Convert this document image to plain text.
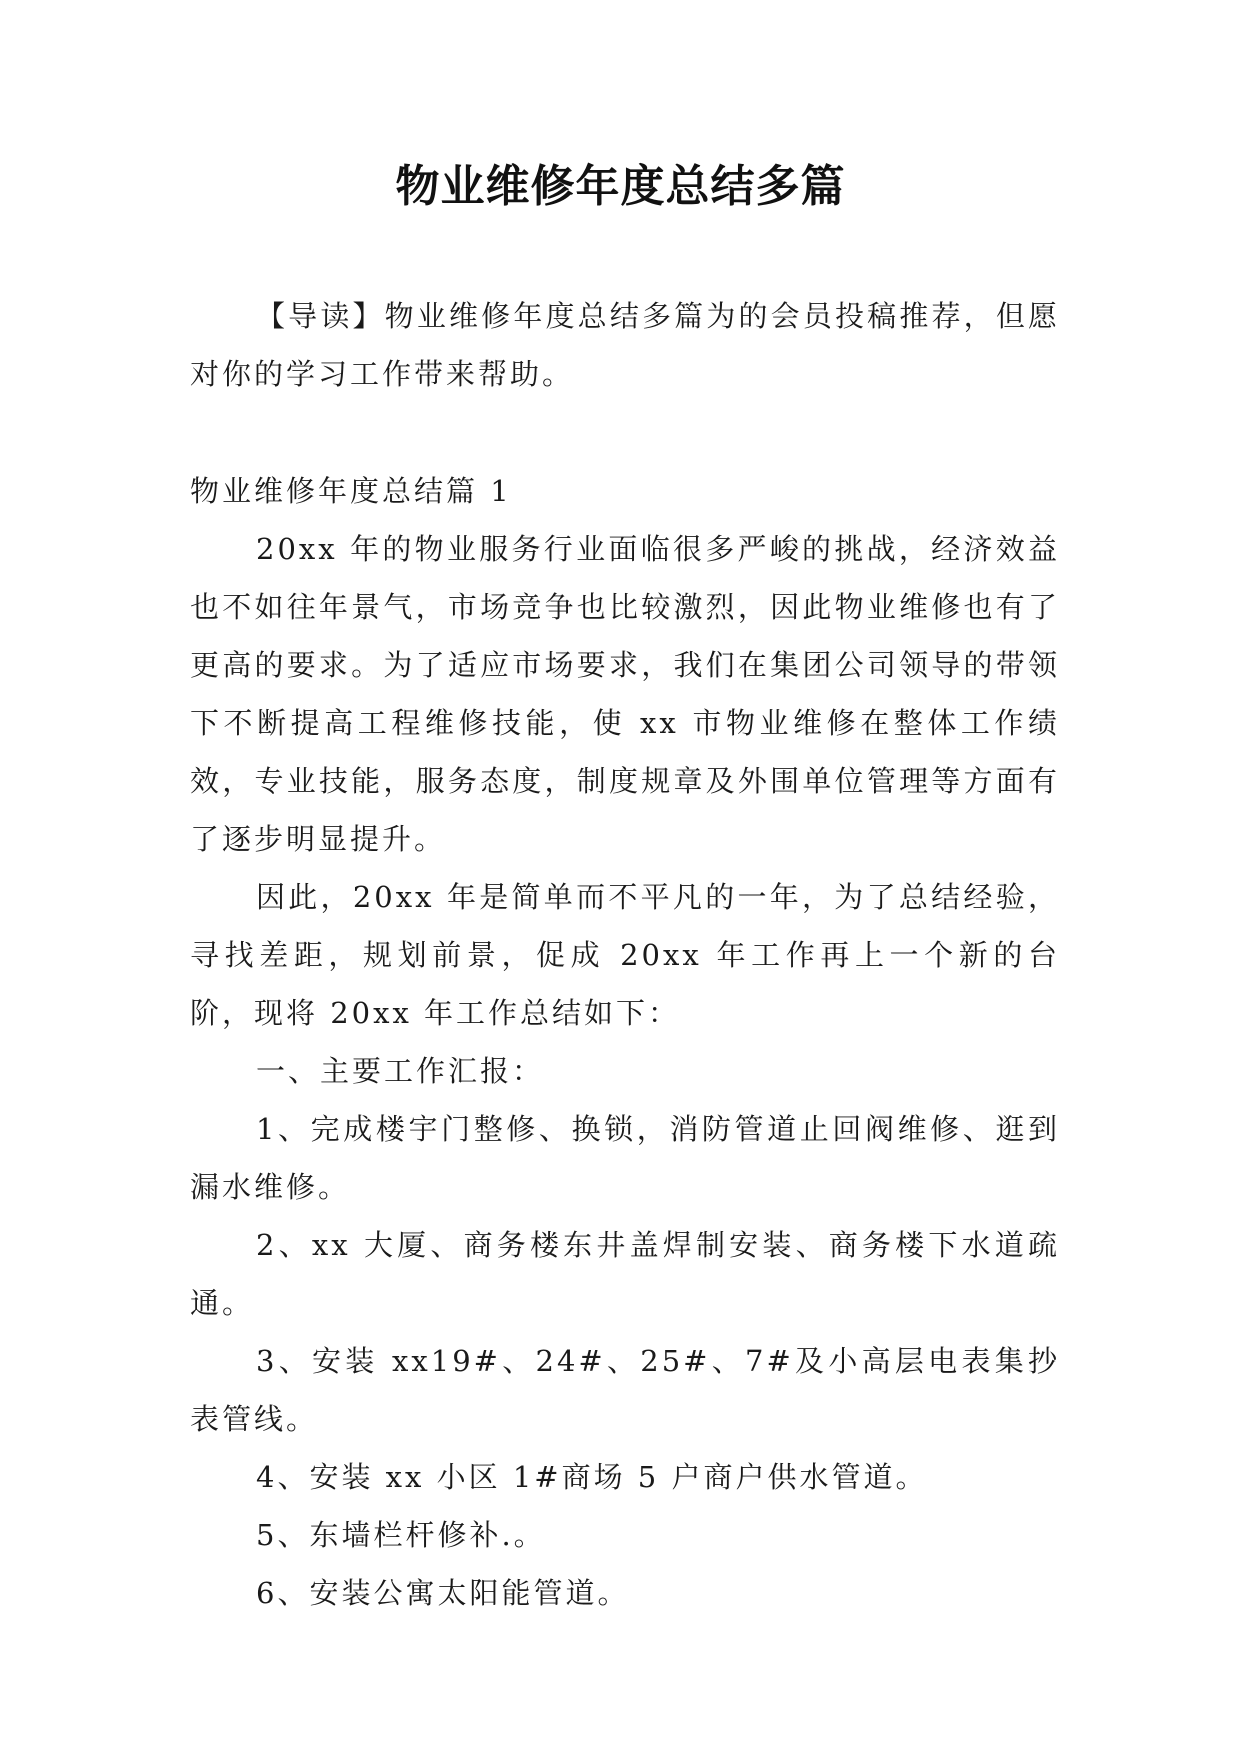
物业维修年度总结多篇

【导读】物业维修年度总结多篇为的会员投稿推荐，但愿对你的学习工作带来帮助。

物业维修年度总结篇 1

20xx 年的物业服务行业面临很多严峻的挑战，经济效益也不如往年景气，市场竞争也比较激烈，因此物业维修也有了更高的要求。为了适应市场要求，我们在集团公司领导的带领下不断提高工程维修技能，使 xx 市物业维修在整体工作绩效，专业技能，服务态度，制度规章及外围单位管理等方面有了逐步明显提升。

因此，20xx 年是简单而不平凡的一年，为了总结经验，寻找差距，规划前景，促成 20xx 年工作再上一个新的台阶，现将 20xx 年工作总结如下：

一、主要工作汇报：

1、完成楼宇门整修、换锁，消防管道止回阀维修、逛到漏水维修。

2、xx 大厦、商务楼东井盖焊制安装、商务楼下水道疏通。

3、安装 xx19#、24#、25#、7#及小高层电表集抄表管线。

4、安装 xx 小区 1#商场 5 户商户供水管道。

5、东墙栏杆修补.。

6、安装公寓太阳能管道。
